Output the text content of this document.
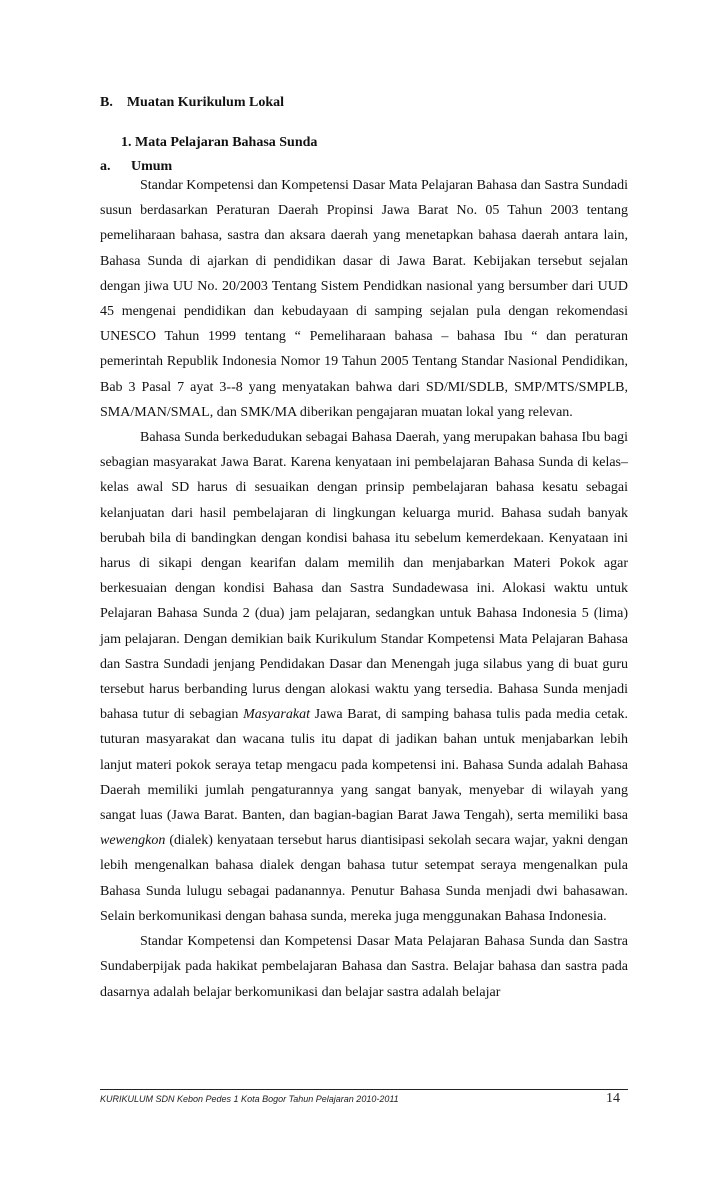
B. Muatan Kurikulum Lokal
1. Mata Pelajaran Bahasa Sunda
a. Umum

Standar Kompetensi dan Kompetensi Dasar Mata Pelajaran Bahasa dan Sastra Sundadi susun berdasarkan Peraturan Daerah Propinsi Jawa Barat No. 05 Tahun 2003 tentang pemeliharaan bahasa, sastra dan aksara daerah yang menetapkan bahasa daerah antara lain, Bahasa Sunda di ajarkan di pendidikan dasar di Jawa Barat. Kebijakan tersebut sejalan dengan jiwa UU No. 20/2003 Tentang Sistem Pendidkan nasional yang bersumber dari UUD 45 mengenai pendidikan dan kebudayaan di samping sejalan pula dengan rekomendasi UNESCO Tahun 1999 tentang “ Pemeliharaan bahasa – bahasa Ibu “ dan peraturan pemerintah Republik Indonesia Nomor 19 Tahun 2005 Tentang Standar Nasional Pendidikan, Bab 3 Pasal 7 ayat 3--8 yang menyatakan bahwa dari SD/MI/SDLB, SMP/MTS/SMPLB, SMA/MAN/SMAL, dan SMK/MA diberikan pengajaran muatan lokal yang relevan.

Bahasa Sunda berkedudukan sebagai Bahasa Daerah, yang merupakan bahasa Ibu bagi sebagian masyarakat Jawa Barat. Karena kenyataan ini pembelajaran Bahasa Sunda di kelas–kelas awal SD harus di sesuaikan dengan prinsip pembelajaran bahasa kesatu sebagai kelanjuatan dari hasil pembelajaran di lingkungan keluarga murid. Bahasa sudah banyak berubah bila di bandingkan dengan kondisi bahasa itu sebelum kemerdekaan. Kenyataan ini harus di sikapi dengan kearifan dalam memilih dan menjabarkan Materi Pokok agar berkesuaian dengan kondisi Bahasa dan Sastra Sundadewasa ini. Alokasi waktu untuk Pelajaran Bahasa Sunda 2 (dua) jam pelajaran, sedangkan untuk Bahasa Indonesia 5 (lima) jam pelajaran. Dengan demikian baik Kurikulum Standar Kompetensi Mata Pelajaran Bahasa dan Sastra Sundadi jenjang Pendidakan Dasar dan Menengah juga silabus yang di buat guru tersebut harus berbanding lurus dengan alokasi waktu yang tersedia. Bahasa Sunda menjadi bahasa tutur di sebagian Masyarakat Jawa Barat, di samping bahasa tulis pada media cetak. tuturan masyarakat dan wacana tulis itu dapat di jadikan bahan untuk menjabarkan lebih lanjut materi pokok seraya tetap mengacu pada kompetensi ini. Bahasa Sunda adalah Bahasa Daerah memiliki jumlah pengaturannya yang sangat banyak, menyebar di wilayah yang sangat luas (Jawa Barat. Banten, dan bagian-bagian Barat Jawa Tengah), serta memiliki basa wewengkon (dialek) kenyataan tersebut harus diantisipasi sekolah secara wajar, yakni dengan lebih mengenalkan bahasa dialek dengan bahasa tutur setempat seraya mengenalkan pula Bahasa Sunda lulugu sebagai padanannya. Penutur Bahasa Sunda menjadi dwi bahasawan. Selain berkomunikasi dengan bahasa sunda, mereka juga menggunakan Bahasa Indonesia.

Standar Kompetensi dan Kompetensi Dasar Mata Pelajaran Bahasa Sunda dan Sastra Sundaberpijak pada hakikat pembelajaran Bahasa dan Sastra. Belajar bahasa dan sastra pada dasarnya adalah belajar berkomunikasi dan belajar sastra adalah belajar

KURIKULUM SDN Kebon Pedes 1 Kota Bogor Tahun Pelajaran 2010-2011	14
